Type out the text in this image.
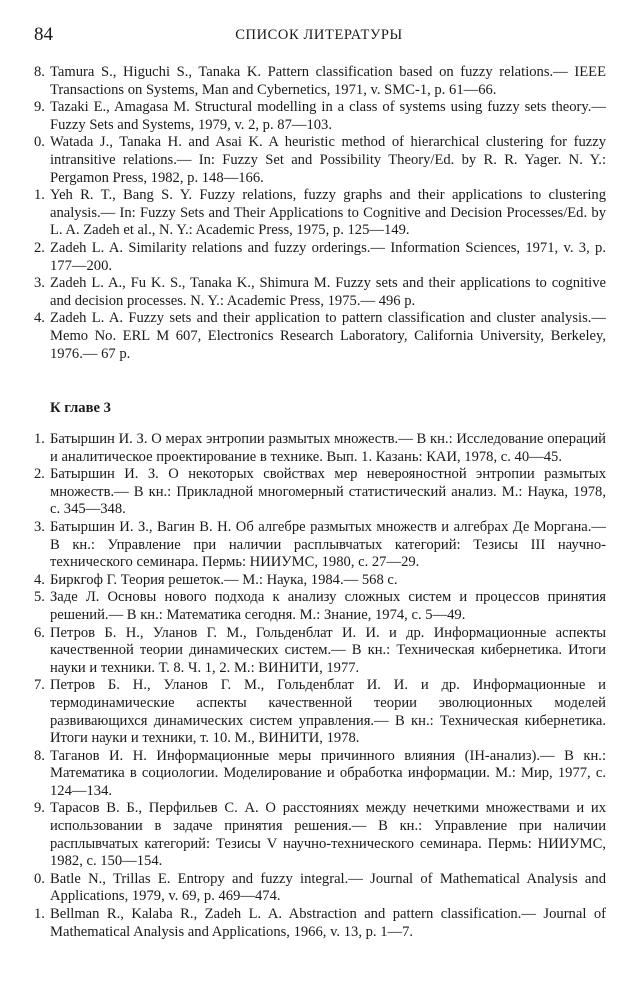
84	СПИСОК ЛИТЕРАТУРЫ

8. Tamura S., Higuchi S., Tanaka K. Pattern classification based on fuzzy relations.— IEEE Transactions on Systems, Man and Cybernetics, 1971, v. SMC-1, p. 61—66.

9. Tazaki E., Amagasa M. Structural modelling in a class of systems using fuzzy sets theory.— Fuzzy Sets and Systems, 1979, v. 2, p. 87—103.

0. Watada J., Tanaka H. and Asai K. A heuristic method of hierarchical clustering for fuzzy intransitive relations.— In: Fuzzy Set and Possibility Theory/Ed. by R. R. Yager. N. Y.: Pergamon Press, 1982, p. 148—166.

1. Yeh R. T., Bang S. Y. Fuzzy relations, fuzzy graphs and their applications to clustering analysis.— In: Fuzzy Sets and Their Applications to Cognitive and Decision Processes/Ed. by L. A. Zadeh et al., N. Y.: Academic Press, 1975, p. 125—149.

2. Zadeh L. A. Similarity relations and fuzzy orderings.— Information Sciences, 1971, v. 3, p. 177—200.

3. Zadeh L. A., Fu K. S., Tanaka K., Shimura M. Fuzzy sets and their applications to cognitive and decision processes. N. Y.: Academic Press, 1975.— 496 p.

4. Zadeh L. A. Fuzzy sets and their application to pattern classification and cluster analysis.— Memo No. ERL M 607, Electronics Research Laboratory, California University, Berkeley, 1976.— 67 p.

К главе 3

1. Батыршин И. З. О мерах энтропии размытых множеств.— В кн.: Исследование операций и аналитическое проектирование в технике. Вып. 1. Казань: КАИ, 1978, с. 40—45.

2. Батыршин И. З. О некоторых свойствах мер неверояностной энтропии размытых множеств.— В кн.: Прикладной многомерный статистический анализ. М.: Наука, 1978, с. 345—348.

3. Батыршин И. З., Вагин В. Н. Об алгебре размытых множеств и алгебрах Де Моргана.— В кн.: Управление при наличии расплывчатых категорий: Тезисы III научно-технического семинара. Пермь: НИИУМС, 1980, с. 27—29.

4. Биркгоф Г. Теория решеток.— М.: Наука, 1984.— 568 с.

5. Заде Л. Основы нового подхода к анализу сложных систем и процессов принятия решений.— В кн.: Математика сегодня. М.: Знание, 1974, с. 5—49.

6. Петров Б. Н., Уланов Г. М., Гольденблат И. И. и др. Информационные аспекты качественной теории динамических систем.— В кн.: Техническая кибернетика. Итоги науки и техники. Т. 8. Ч. 1, 2. М.: ВИНИТИ, 1977.

7. Петров Б. Н., Уланов Г. М., Гольденблат И. И. и др. Информационные и термодинамические аспекты качественной теории эволюционных моделей развивающихся динамических систем управления.— В кн.: Техническая кибернетика. Итоги науки и техники, т. 10. М., ВИНИТИ, 1978.

8. Таганов И. Н. Информационные меры причинного влияния (IH-анализ).— В кн.: Математика в социологии. Моделирование и обработка информации. М.: Мир, 1977, с. 124—134.

9. Тарасов В. Б., Перфильев С. А. О расстояниях между нечеткими множествами и их использовании в задаче принятия решения.— В кн.: Управление при наличии расплывчатых категорий: Тезисы V научно-технического семинара. Пермь: НИИУМС, 1982, с. 150—154.

0. Batle N., Trillas E. Entropy and fuzzy integral.— Journal of Mathematical Analysis and Applications, 1979, v. 69, p. 469—474.

1. Bellman R., Kalaba R., Zadeh L. A. Abstraction and pattern classification.— Journal of Mathematical Analysis and Applications, 1966, v. 13, p. 1—7.
